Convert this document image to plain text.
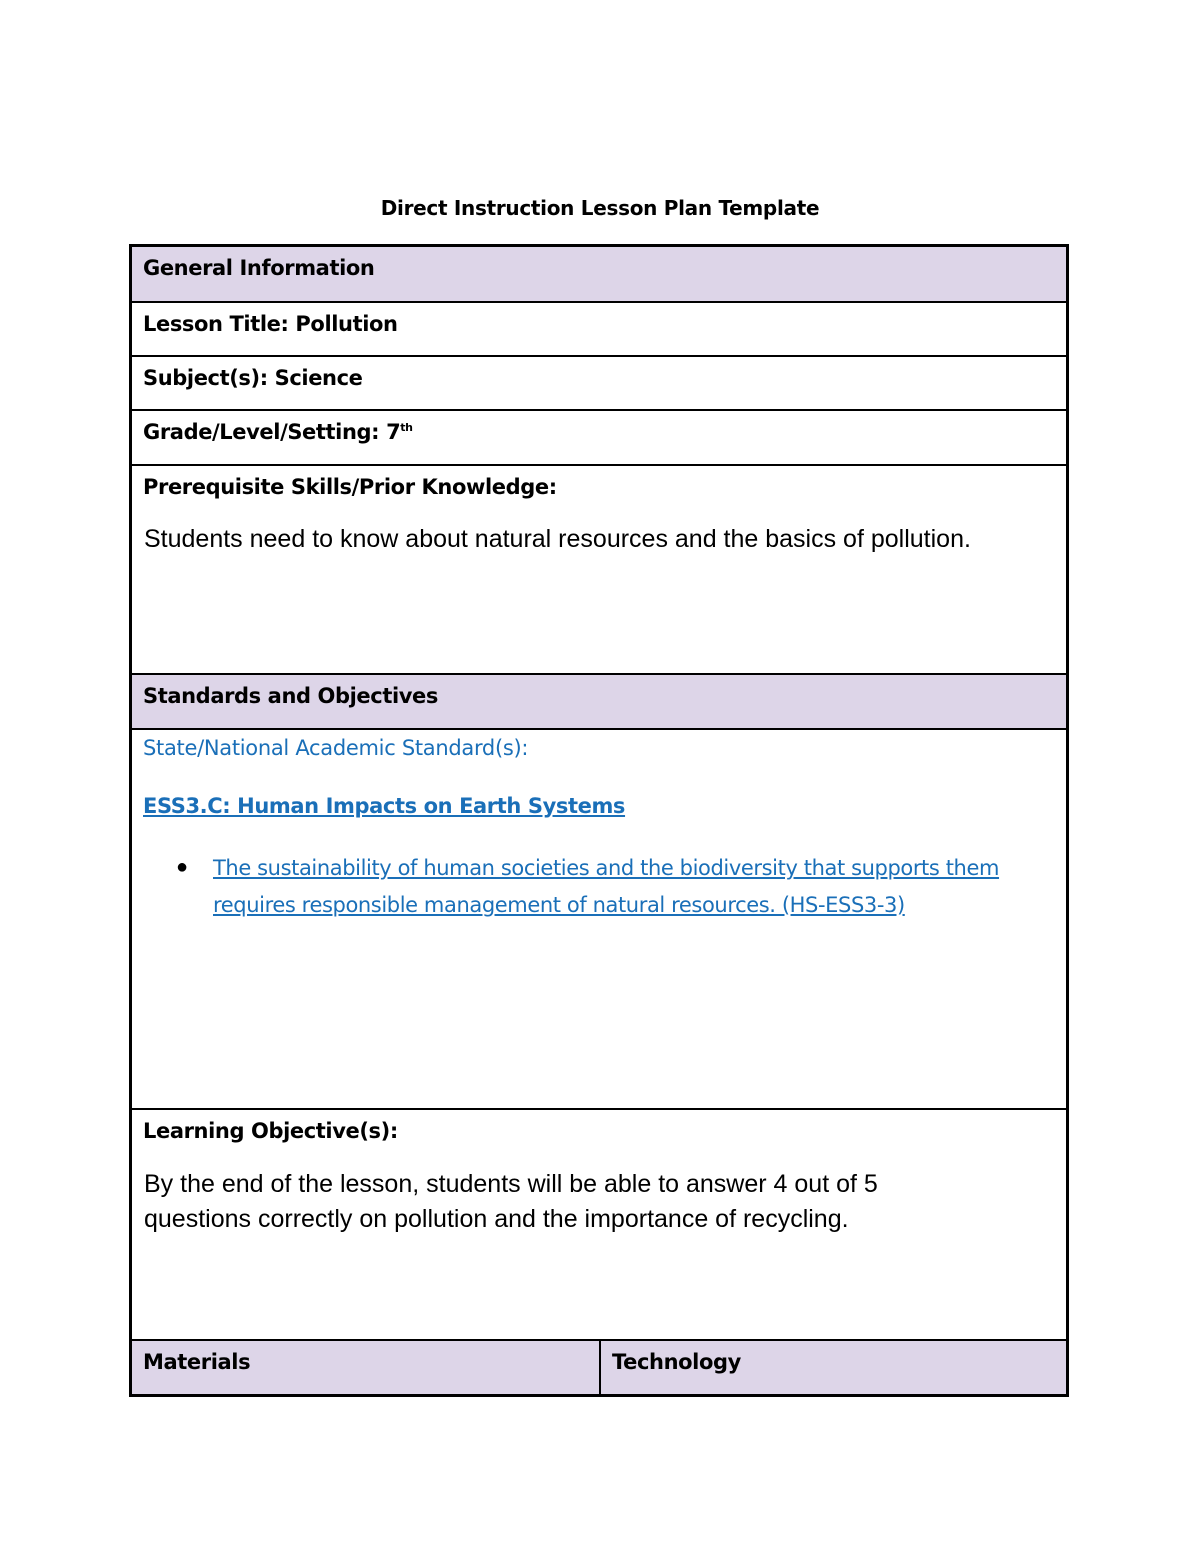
Direct Instruction Lesson Plan Template
General Information
Lesson Title: Pollution
Subject(s): Science
Grade/Level/Setting: 7th
Prerequisite Skills/Prior Knowledge:
Students need to know about natural resources and the basics of pollution.
Standards and Objectives
State/National Academic Standard(s):
ESS3.C: Human Impacts on Earth Systems
● The sustainability of human societies and the biodiversity that supports them requires responsible management of natural resources. (HS-ESS3-3)
Learning Objective(s):
By the end of the lesson, students will be able to answer 4 out of 5
questions correctly on pollution and the importance of recycling.
Materials	Technology
